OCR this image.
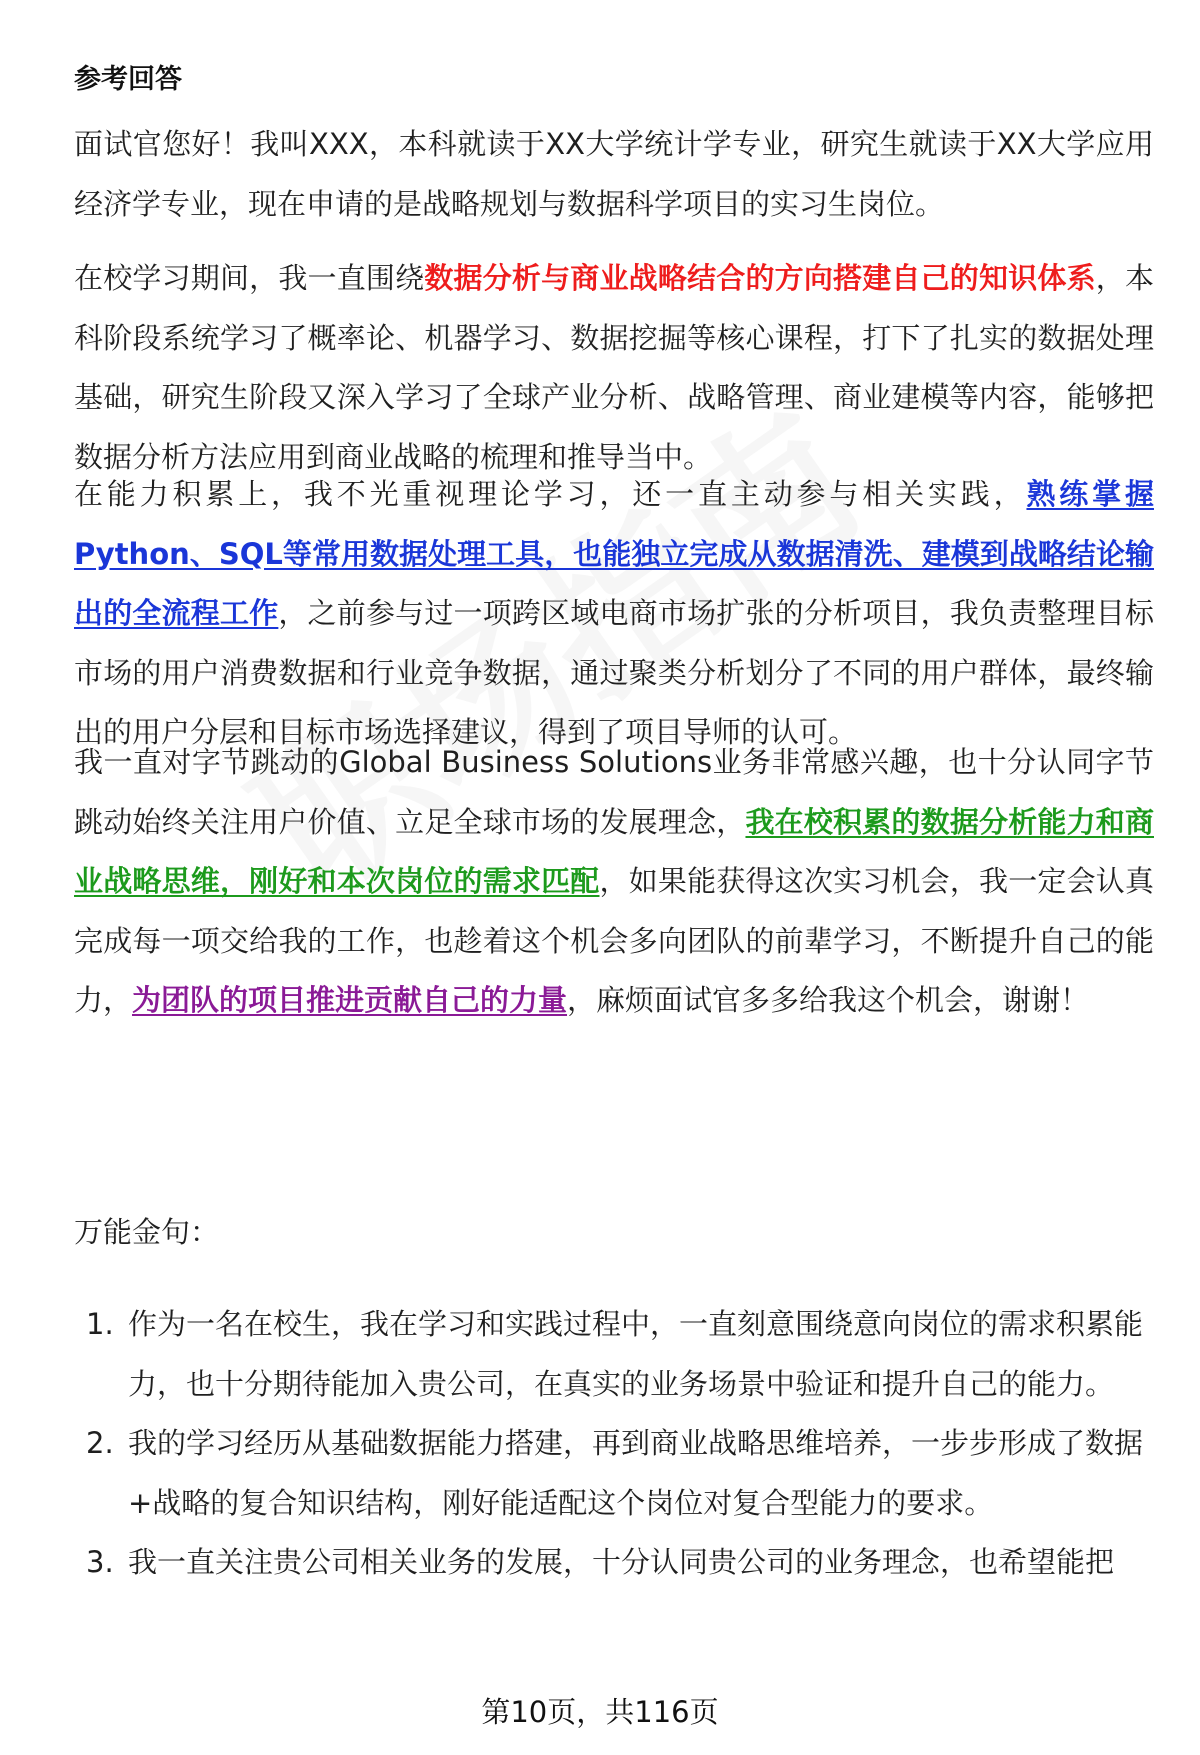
参考回答
面试官您好！我叫XXX，本科就读于XX大学统计学专业，研究生就读于XX大学应用经济学专业，现在申请的是战略规划与数据科学项目的实习生岗位。
在校学习期间，我一直围绕数据分析与商业战略结合的方向搭建自己的知识体系，本科阶段系统学习了概率论、机器学习、数据挖掘等核心课程，打下了扎实的数据处理基础，研究生阶段又深入学习了全球产业分析、战略管理、商业建模等内容，能够把数据分析方法应用到商业战略的梳理和推导当中。
在能力积累上，我不光重视理论学习，还一直主动参与相关实践，熟练掌握Python、SQL等常用数据处理工具，也能独立完成从数据清洗、建模到战略结论输出的全流程工作，之前参与过一项跨区域电商市场扩张的分析项目，我负责整理目标市场的用户消费数据和行业竞争数据，通过聚类分析划分了不同的用户群体，最终输出的用户分层和目标市场选择建议，得到了项目导师的认可。
我一直对字节跳动的Global Business Solutions业务非常感兴趣，也十分认同字节跳动始终关注用户价值、立足全球市场的发展理念，我在校积累的数据分析能力和商业战略思维，刚好和本次岗位的需求匹配，如果能获得这次实习机会，我一定会认真完成每一项交给我的工作，也趁着这个机会多向团队的前辈学习，不断提升自己的能力，为团队的项目推进贡献自己的力量，麻烦面试官多多给我这个机会，谢谢！
万能金句：
1. 作为一名在校生，我在学习和实践过程中，一直刻意围绕意向岗位的需求积累能力，也十分期待能加入贵公司，在真实的业务场景中验证和提升自己的能力。
2. 我的学习经历从基础数据能力搭建，再到商业战略思维培养，一步步形成了数据+战略的复合知识结构，刚好能适配这个岗位对复合型能力的要求。
3. 我一直关注贵公司相关业务的发展，十分认同贵公司的业务理念，也希望能把
第10页，共116页
